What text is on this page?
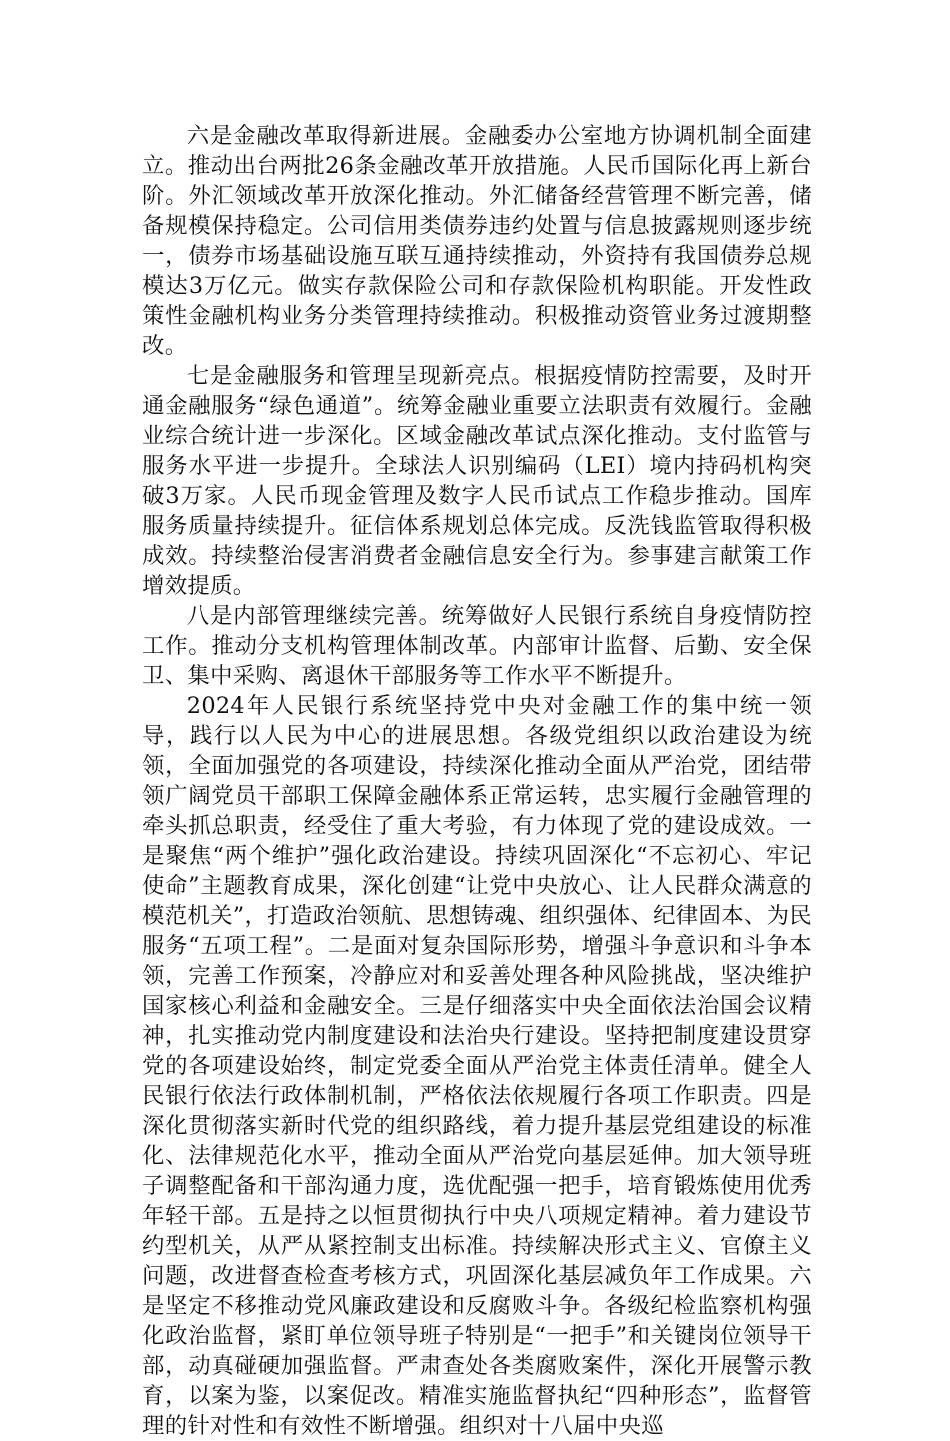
六是金融改革取得新进展。金融委办公室地方协调机制全面建立。推动出台两批26条金融改革开放措施。人民币国际化再上新台阶。外汇领域改革开放深化推动。外汇储备经营管理不断完善，储备规模保持稳定。公司信用类债券违约处置与信息披露规则逐步统一，债券市场基础设施互联互通持续推动，外资持有我国债券总规模达3万亿元。做实存款保险公司和存款保险机构职能。开发性政策性金融机构业务分类管理持续推动。积极推动资管业务过渡期整改。

七是金融服务和管理呈现新亮点。根据疫情防控需要，及时开通金融服务“绿色通道”。统筹金融业重要立法职责有效履行。金融业综合统计进一步深化。区域金融改革试点深化推动。支付监管与服务水平进一步提升。全球法人识别编码（LEI）境内持码机构突破3万家。人民币现金管理及数字人民币试点工作稳步推动。国库服务质量持续提升。征信体系规划总体完成。反洗钱监管取得积极成效。持续整治侵害消费者金融信息安全行为。参事建言献策工作增效提质。

八是内部管理继续完善。统筹做好人民银行系统自身疫情防控工作。推动分支机构管理体制改革。内部审计监督、后勤、安全保卫、集中采购、离退休干部服务等工作水平不断提升。

2024年人民银行系统坚持党中央对金融工作的集中统一领导，践行以人民为中心的进展思想。各级党组织以政治建设为统领，全面加强党的各项建设，持续深化推动全面从严治党，团结带领广阔党员干部职工保障金融体系正常运转，忠实履行金融管理的牵头抓总职责，经受住了重大考验，有力体现了党的建设成效。一是聚焦“两个维护”强化政治建设。持续巩固深化“不忘初心、牢记使命”主题教育成果，深化创建“让党中央放心、让人民群众满意的模范机关”，打造政治领航、思想铸魂、组织强体、纪律固本、为民服务“五项工程”。二是面对复杂国际形势，增强斗争意识和斗争本领，完善工作预案，冷静应对和妥善处理各种风险挑战，坚决维护国家核心利益和金融安全。三是仔细落实中央全面依法治国会议精神，扎实推动党内制度建设和法治央行建设。坚持把制度建设贯穿党的各项建设始终，制定党委全面从严治党主体责任清单。健全人民银行依法行政体制机制，严格依法依规履行各项工作职责。四是深化贯彻落实新时代党的组织路线，着力提升基层党组建设的标准化、法律规范化水平，推动全面从严治党向基层延伸。加大领导班子调整配备和干部沟通力度，选优配强一把手，培育锻炼使用优秀年轻干部。五是持之以恒贯彻执行中央八项规定精神。着力建设节约型机关，从严从紧控制支出标准。持续解决形式主义、官僚主义问题，改进督查检查考核方式，巩固深化基层减负年工作成果。六是坚定不移推动党风廉政建设和反腐败斗争。各级纪检监察机构强化政治监督，紧盯单位领导班子特别是“一把手”和关键岗位领导干部，动真碰硬加强监督。严肃查处各类腐败案件，深化开展警示教育，以案为鉴，以案促改。精准实施监督执纪“四种形态”，监督管理的针对性和有效性不断增强。组织对十八届中央巡
